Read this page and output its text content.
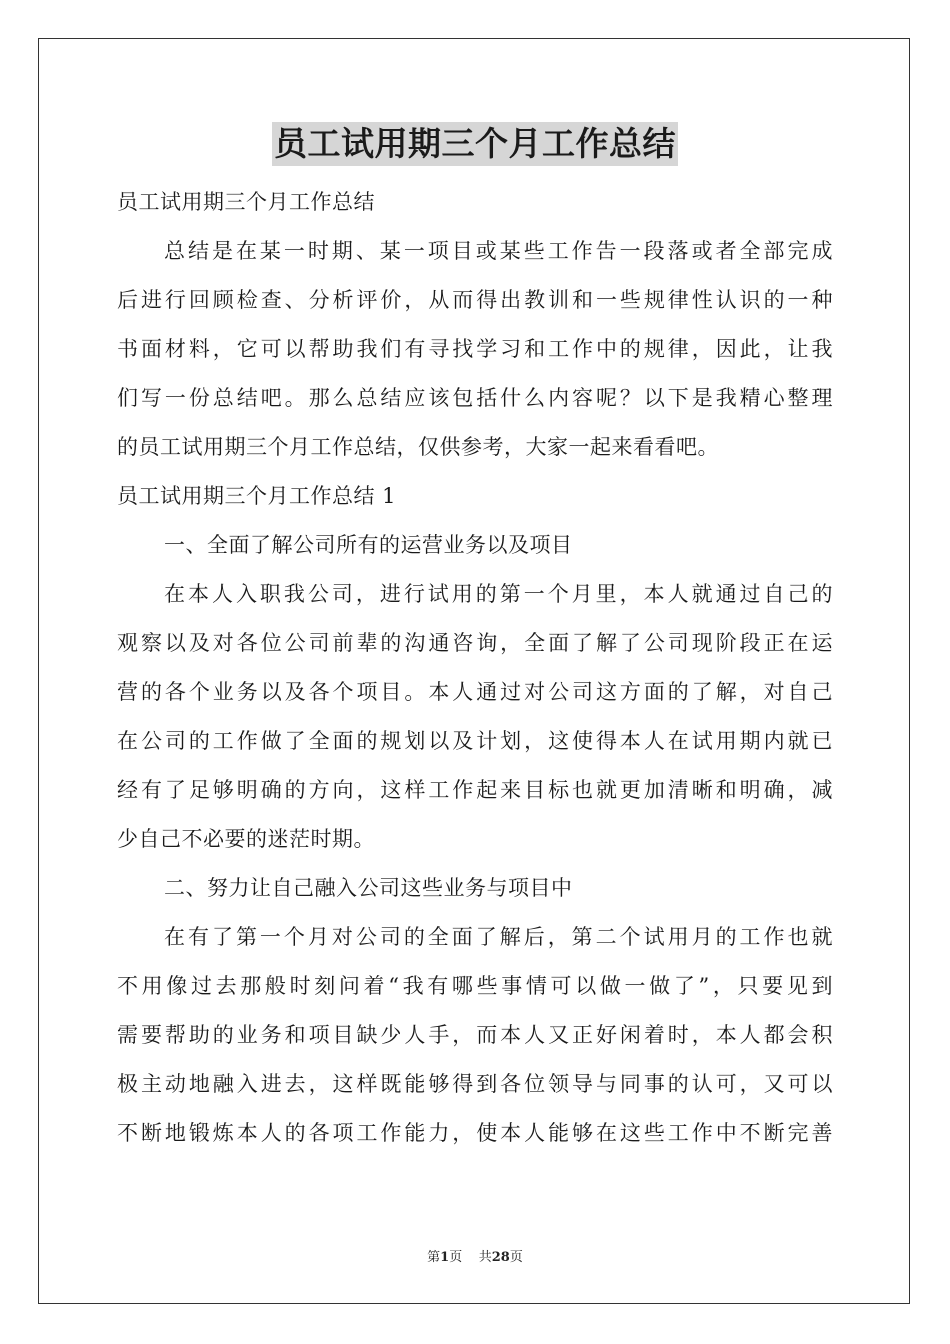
员工试用期三个月工作总结
员工试用期三个月工作总结
总结是在某一时期、某一项目或某些工作告一段落或者全部完成
后进行回顾检查、分析评价，从而得出教训和一些规律性认识的一种
书面材料，它可以帮助我们有寻找学习和工作中的规律，因此，让我
们写一份总结吧。那么总结应该包括什么内容呢？以下是我精心整理
的员工试用期三个月工作总结，仅供参考，大家一起来看看吧。
员工试用期三个月工作总结 1
一、全面了解公司所有的运营业务以及项目
在本人入职我公司，进行试用的第一个月里，本人就通过自己的
观察以及对各位公司前辈的沟通咨询，全面了解了公司现阶段正在运
营的各个业务以及各个项目。本人通过对公司这方面的了解，对自己
在公司的工作做了全面的规划以及计划，这使得本人在试用期内就已
经有了足够明确的方向，这样工作起来目标也就更加清晰和明确，减
少自己不必要的迷茫时期。
二、努力让自己融入公司这些业务与项目中
在有了第一个月对公司的全面了解后，第二个试用月的工作也就
不用像过去那般时刻问着“我有哪些事情可以做一做了”，只要见到
需要帮助的业务和项目缺少人手，而本人又正好闲着时，本人都会积
极主动地融入进去，这样既能够得到各位领导与同事的认可，又可以
不断地锻炼本人的各项工作能力，使本人能够在这些工作中不断完善
第1页 共28页
